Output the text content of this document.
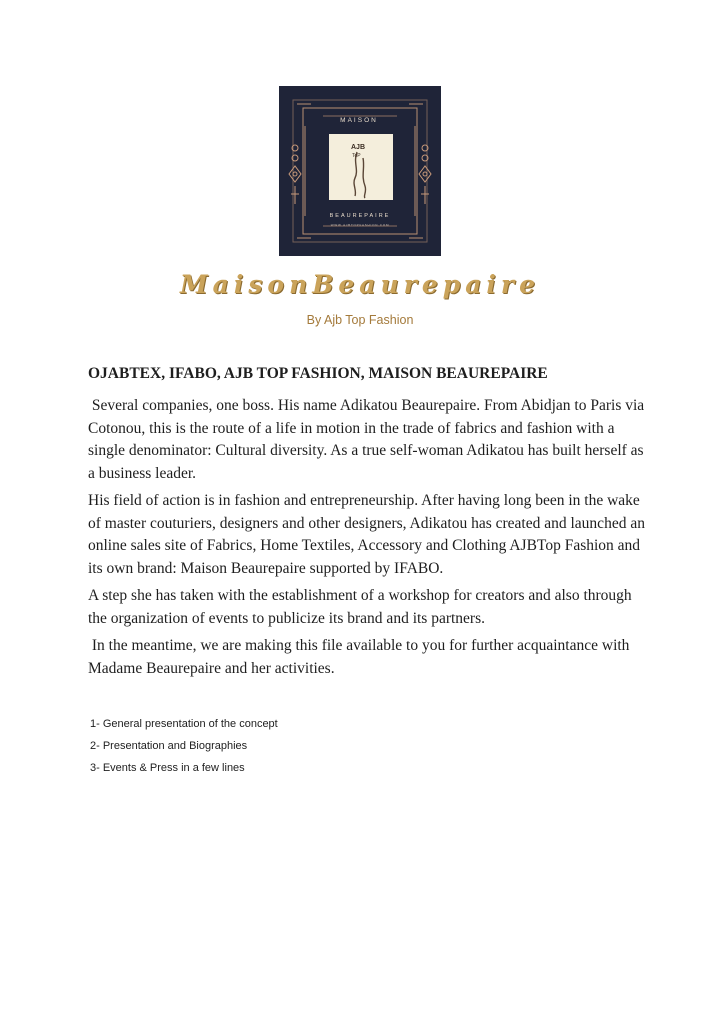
MAISON
AJB
ToP
BEAUREPAIRE
WWW.AJBTOPFASHION.COM
MaisonBeaurepaire
By Ajb Top Fashion
OJABTEX, IFABO, AJB TOP FASHION, MAISON BEAUREPAIRE
Several companies, one boss. His name Adikatou Beaurepaire. From Abidjan to Paris via Cotonou, this is the route of a life in motion in the trade of fabrics and fashion with a single denominator: Cultural diversity. As a true self-woman Adikatou has built herself as a business leader.
His field of action is in fashion and entrepreneurship. After having long been in the wake of master couturiers, designers and other designers, Adikatou has created and launched an online sales site of Fabrics, Home Textiles, Accessory and Clothing AJBTop Fashion and its own brand: Maison Beaurepaire supported by IFABO.
A step she has taken with the establishment of a workshop for creators and also through the organization of events to publicize its brand and its partners.
In the meantime, we are making this file available to you for further acquaintance with Madame Beaurepaire and her activities.
1- General presentation of the concept
2- Presentation and Biographies
3- Events & Press in a few lines
